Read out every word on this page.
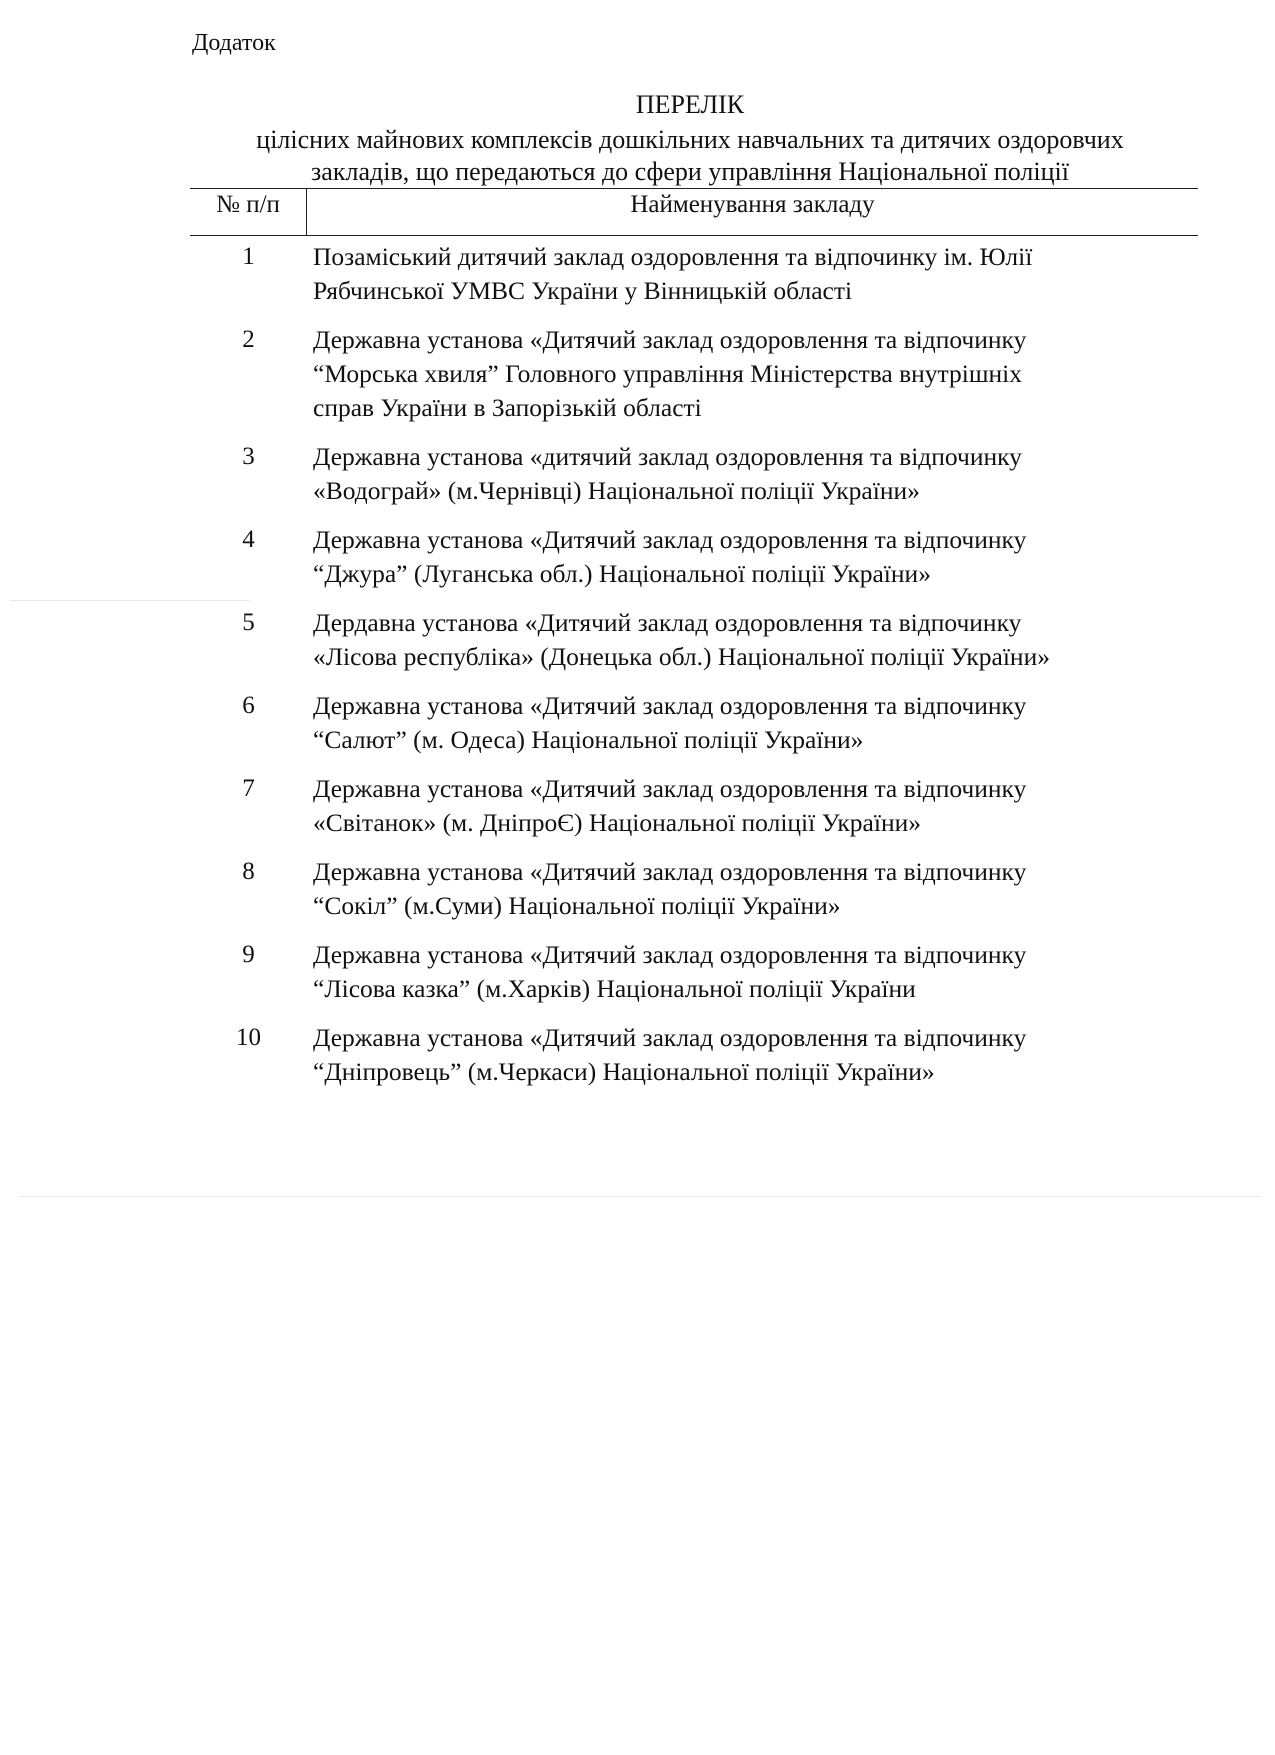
Додаток
ПЕРЕЛІК
цілісних майнових комплексів дошкільних навчальних та дитячих оздоровчих
закладів, що передаються до сфери управління Національної поліції
№ п/п	Найменування закладу
1	Позаміський дитячий заклад оздоровлення та відпочинку ім. Юлії
Рябчинської УМВС України у Вінницькій області
2	Державна установа «Дитячий заклад оздоровлення та відпочинку
“Морська хвиля” Головного управління Міністерства внутрішніх
справ України в Запорізькій області
3	Державна установа «дитячий заклад оздоровлення та відпочинку
«Водограй» (м.Чернівці) Національної поліції України»
4	Державна установа «Дитячий заклад оздоровлення та відпочинку
“Джура” (Луганська обл.) Національної поліції України»
5	Дердавна установа «Дитячий заклад оздоровлення та відпочинку
«Лісова республіка» (Донецька обл.) Національної поліції України»
6	Державна установа «Дитячий заклад оздоровлення та відпочинку
“Салют” (м. Одеса) Національної поліції України»
7	Державна установа «Дитячий заклад оздоровлення та відпочинку
«Світанок» (м. ДніпроЄ) Національної поліції України»
8	Державна установа «Дитячий заклад оздоровлення та відпочинку
“Сокіл” (м.Суми) Національної поліції України»
9	Державна установа «Дитячий заклад оздоровлення та відпочинку
“Лісова казка” (м.Харків) Національної поліції України
10	Державна установа «Дитячий заклад оздоровлення та відпочинку
“Дніпровець” (м.Черкаси) Національної поліції України»
